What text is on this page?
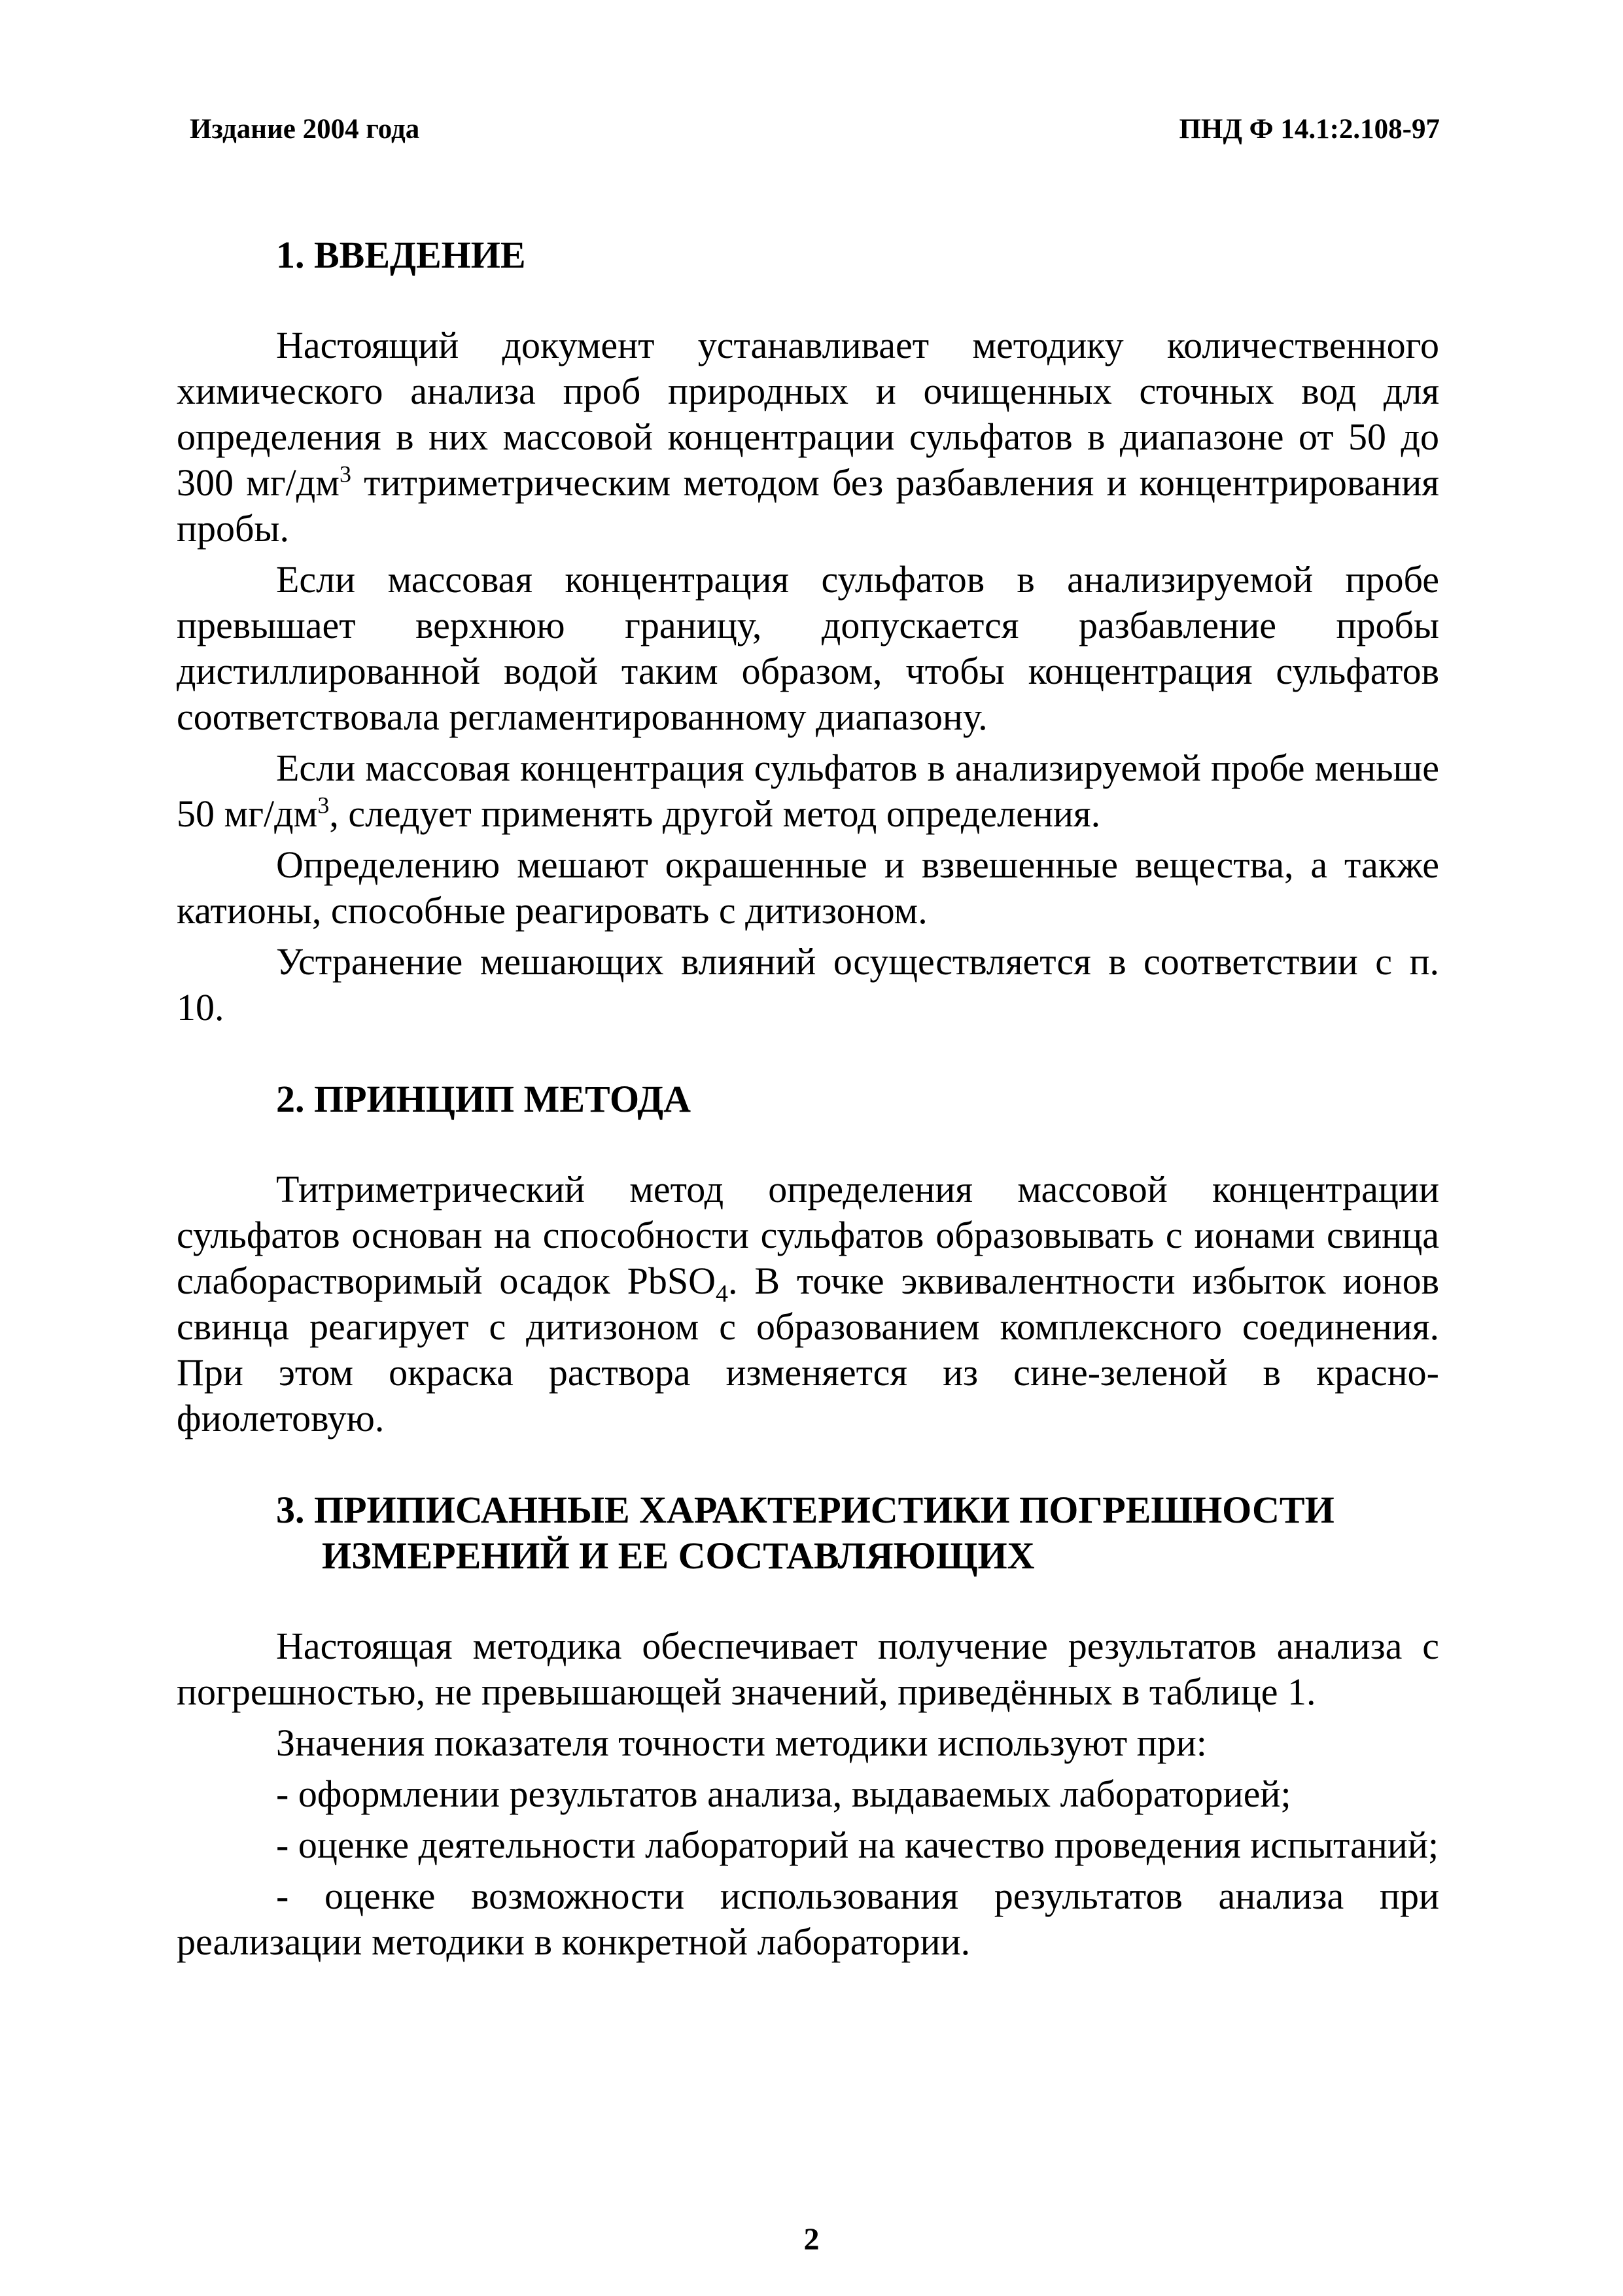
Издание 2004 года	ПНД Ф 14.1:2.108-97
1. ВВЕДЕНИЕ

Настоящий документ устанавливает методику количественного химического анализа проб природных и очищенных сточных вод для определения в них массовой концентрации сульфатов в диапазоне от 50 до 300 $мг/дм^3$ титриметрическим методом без разбавления и концентрирования пробы.

Если массовая концентрация сульфатов в анализируемой пробе превышает верхнюю границу, допускается разбавление пробы дистиллированной водой таким образом, чтобы концентрация сульфатов соответствовала регламентированному диапазону.

Если массовая концентрация сульфатов в анализируемой пробе меньше 50 $мг/дм^3$, следует применять другой метод определения.

Определению мешают окрашенные и взвешенные вещества, а также катионы, способные реагировать с дитизоном.

Устранение мешающих влияний осуществляется в соответствии с п. 10.

2. ПРИНЦИП МЕТОДА

Титриметрический метод определения массовой концентрации сульфатов основан на способности сульфатов образовывать с ионами свинца слаборастворимый осадок PbSO$_4$. В точке эквивалентности избыток ионов свинца реагирует с дитизоном с образованием комплексного соединения. При этом окраска раствора изменяется из сине-зеленой в красно-фиолетовую.

3. ПРИПИСАННЫЕ ХАРАКТЕРИСТИКИ ПОГРЕШНОСТИ ИЗМЕРЕНИЙ И ЕЕ СОСТАВЛЯЮЩИХ

Настоящая методика обеспечивает получение результатов анализа с погрешностью, не превышающей значений, приведённых в таблице 1.

Значения показателя точности методики используют при:

- оформлении результатов анализа, выдаваемых лабораторией;
- оценке деятельности лабораторий на качество проведения испытаний;
- оценке возможности использования результатов анализа при реализации методики в конкретной лаборатории.
2
